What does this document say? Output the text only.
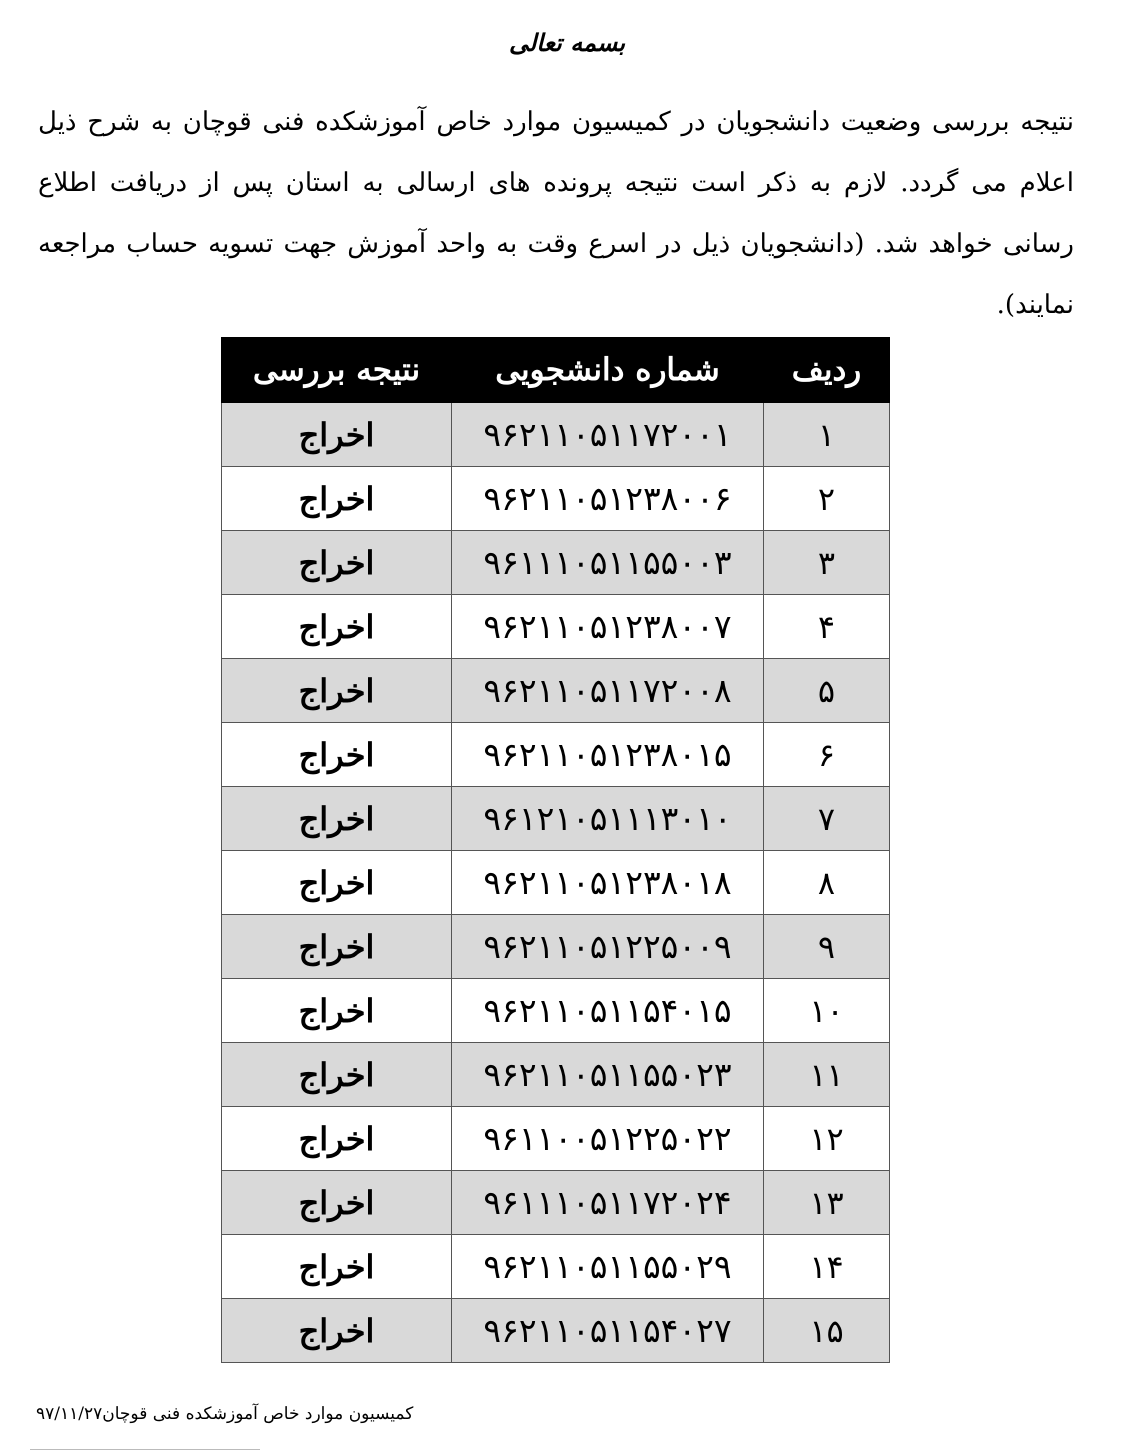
بسمه تعالی
نتیجه بررسی وضعیت دانشجویان در کمیسیون موارد خاص آموزشکده فنی قوچان به شرح ذیل اعلام می گردد. لازم به ذکر است نتیجه پرونده های ارسالی به استان پس از دریافت اطلاع رسانی خواهد شد. (دانشجویان ذیل در اسرع وقت به واحد آموزش جهت تسویه حساب مراجعه نمایند).
ردیف	شماره دانشجویی	نتیجه بررسی
۱	۹۶۲۱۱۰۵۱۱۷۲۰۰۱	اخراج
۲	۹۶۲۱۱۰۵۱۲۳۸۰۰۶	اخراج
۳	۹۶۱۱۱۰۵۱۱۵۵۰۰۳	اخراج
۴	۹۶۲۱۱۰۵۱۲۳۸۰۰۷	اخراج
۵	۹۶۲۱۱۰۵۱۱۷۲۰۰۸	اخراج
۶	۹۶۲۱۱۰۵۱۲۳۸۰۱۵	اخراج
۷	۹۶۱۲۱۰۵۱۱۱۳۰۱۰	اخراج
۸	۹۶۲۱۱۰۵۱۲۳۸۰۱۸	اخراج
۹	۹۶۲۱۱۰۵۱۲۲۵۰۰۹	اخراج
۱۰	۹۶۲۱۱۰۵۱۱۵۴۰۱۵	اخراج
۱۱	۹۶۲۱۱۰۵۱۱۵۵۰۲۳	اخراج
۱۲	۹۶۱۱۰۰۵۱۲۲۵۰۲۲	اخراج
۱۳	۹۶۱۱۱۰۵۱۱۷۲۰۲۴	اخراج
۱۴	۹۶۲۱۱۰۵۱۱۵۵۰۲۹	اخراج
۱۵	۹۶۲۱۱۰۵۱۱۵۴۰۲۷	اخراج
کمیسیون موارد خاص آموزشکده فنی قوچان۹۷/۱۱/۲۷
